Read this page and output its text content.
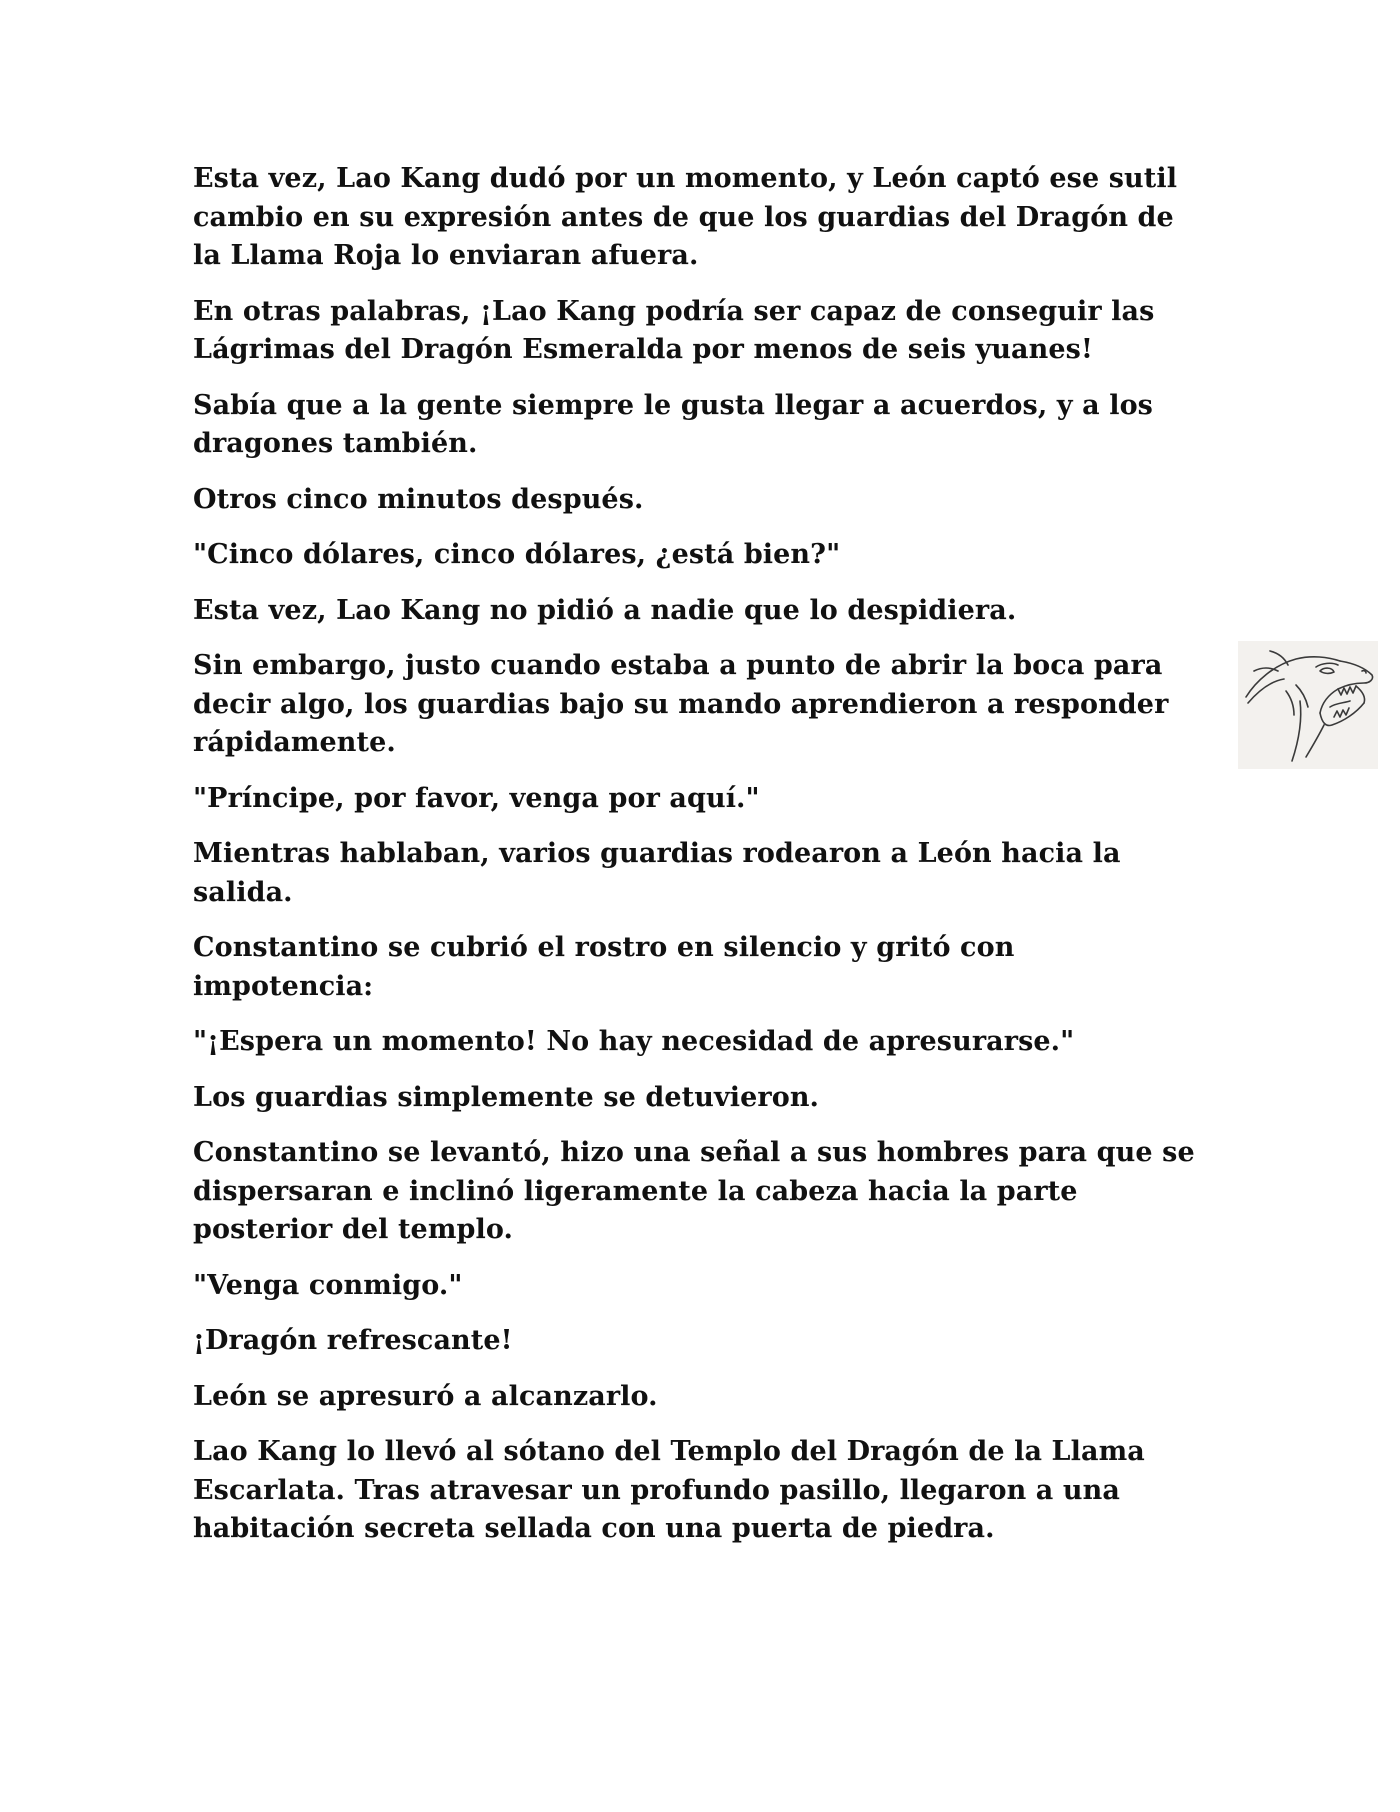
Esta vez, Lao Kang dudó por un momento, y León captó ese sutil cambio en su expresión antes de que los guardias del Dragón de la Llama Roja lo enviaran afuera.

En otras palabras, ¡Lao Kang podría ser capaz de conseguir las Lágrimas del Dragón Esmeralda por menos de seis yuanes!

Sabía que a la gente siempre le gusta llegar a acuerdos, y a los dragones también.

Otros cinco minutos después.

"Cinco dólares, cinco dólares, ¿está bien?"

Esta vez, Lao Kang no pidió a nadie que lo despidiera.

Sin embargo, justo cuando estaba a punto de abrir la boca para decir algo, los guardias bajo su mando aprendieron a responder rápidamente.

"Príncipe, por favor, venga por aquí."

Mientras hablaban, varios guardias rodearon a León hacia la salida.

Constantino se cubrió el rostro en silencio y gritó con impotencia:

"¡Espera un momento! No hay necesidad de apresurarse."

Los guardias simplemente se detuvieron.

Constantino se levantó, hizo una señal a sus hombres para que se dispersaran e inclinó ligeramente la cabeza hacia la parte posterior del templo.

"Venga conmigo."

¡Dragón refrescante!

León se apresuró a alcanzarlo.

Lao Kang lo llevó al sótano del Templo del Dragón de la Llama Escarlata. Tras atravesar un profundo pasillo, llegaron a una habitación secreta sellada con una puerta de piedra.
